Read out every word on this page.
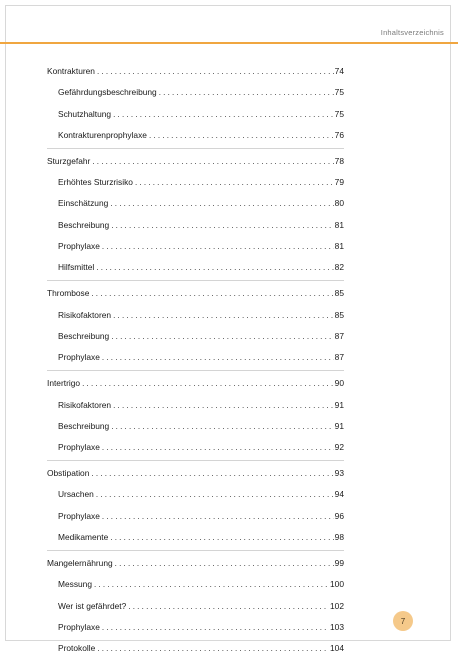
Inhaltsverzeichnis
Kontrakturen . . .	74
Gefährdungsbeschreibung . . .	75
Schutzhaltung . . .	75
Kontrakturenprophylaxe . . .	76
Sturzgefahr . . .	78
Erhöhtes Sturzrisiko . . .	79
Einschätzung . . .	80
Beschreibung . . .	81
Prophylaxe . . .	81
Hilfsmittel . . .	82
Thrombose . . .	85
Risikofaktoren . . .	85
Beschreibung . . .	87
Prophylaxe . . .	87
Intertrigo . . .	90
Risikofaktoren . . .	91
Beschreibung . . .	91
Prophylaxe . . .	92
Obstipation . . .	93
Ursachen . . .	94
Prophylaxe . . .	96
Medikamente . . .	98
Mangelernährung . . .	99
Messung . . .	100
Wer ist gefährdet? . . .	102
Prophylaxe . . .	103
Protokolle . . .	104
7
